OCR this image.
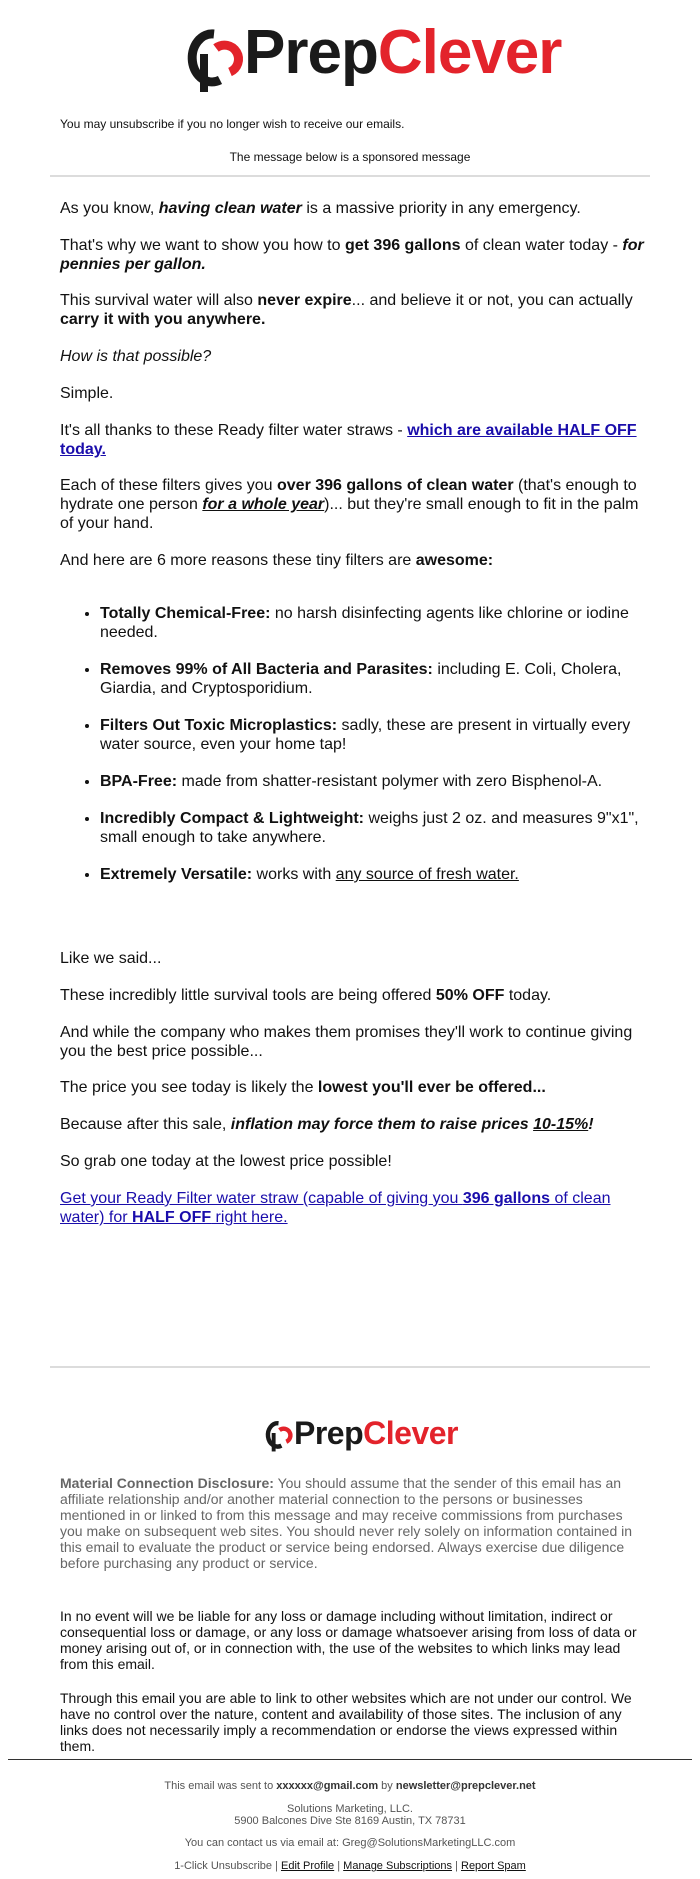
PrepClever
You may unsubscribe if you no longer wish to receive our emails.
The message below is a sponsored message

As you know, having clean water is a massive priority in any emergency.

That's why we want to show you how to get 396 gallons of clean water today - for pennies per gallon.

This survival water will also never expire... and believe it or not, you can actually carry it with you anywhere.

How is that possible?

Simple.

It's all thanks to these Ready filter water straws - which are available HALF OFF today.

Each of these filters gives you over 396 gallons of clean water (that's enough to hydrate one person for a whole year)... but they're small enough to fit in the palm of your hand.

And here are 6 more reasons these tiny filters are awesome:

• Totally Chemical-Free: no harsh disinfecting agents like chlorine or iodine needed.
• Removes 99% of All Bacteria and Parasites: including E. Coli, Cholera, Giardia, and Cryptosporidium.
• Filters Out Toxic Microplastics: sadly, these are present in virtually every water source, even your home tap!
• BPA-Free: made from shatter-resistant polymer with zero Bisphenol-A.
• Incredibly Compact & Lightweight: weighs just 2 oz. and measures 9"x1", small enough to take anywhere.
• Extremely Versatile: works with any source of fresh water.

Like we said...

These incredibly little survival tools are being offered 50% OFF today.

And while the company who makes them promises they'll work to continue giving you the best price possible...

The price you see today is likely the lowest you'll ever be offered...

Because after this sale, inflation may force them to raise prices 10-15%!

So grab one today at the lowest price possible!

Get your Ready Filter water straw (capable of giving you 396 gallons of clean water) for HALF OFF right here.

PrepClever

Material Connection Disclosure: You should assume that the sender of this email has an affiliate relationship and/or another material connection to the persons or businesses mentioned in or linked to from this message and may receive commissions from purchases you make on subsequent web sites. You should never rely solely on information contained in this email to evaluate the product or service being endorsed. Always exercise due diligence before purchasing any product or service.

In no event will we be liable for any loss or damage including without limitation, indirect or consequential loss or damage, or any loss or damage whatsoever arising from loss of data or money arising out of, or in connection with, the use of the websites to which links may lead from this email.

Through this email you are able to link to other websites which are not under our control. We have no control over the nature, content and availability of those sites. The inclusion of any links does not necessarily imply a recommendation or endorse the views expressed within them.

This email was sent to xxxxxx@gmail.com by newsletter@prepclever.net
Solutions Marketing, LLC.
5900 Balcones Dive Ste 8169 Austin, TX 78731
You can contact us via email at: Greg@SolutionsMarketingLLC.com
1-Click Unsubscribe | Edit Profile | Manage Subscriptions | Report Spam
